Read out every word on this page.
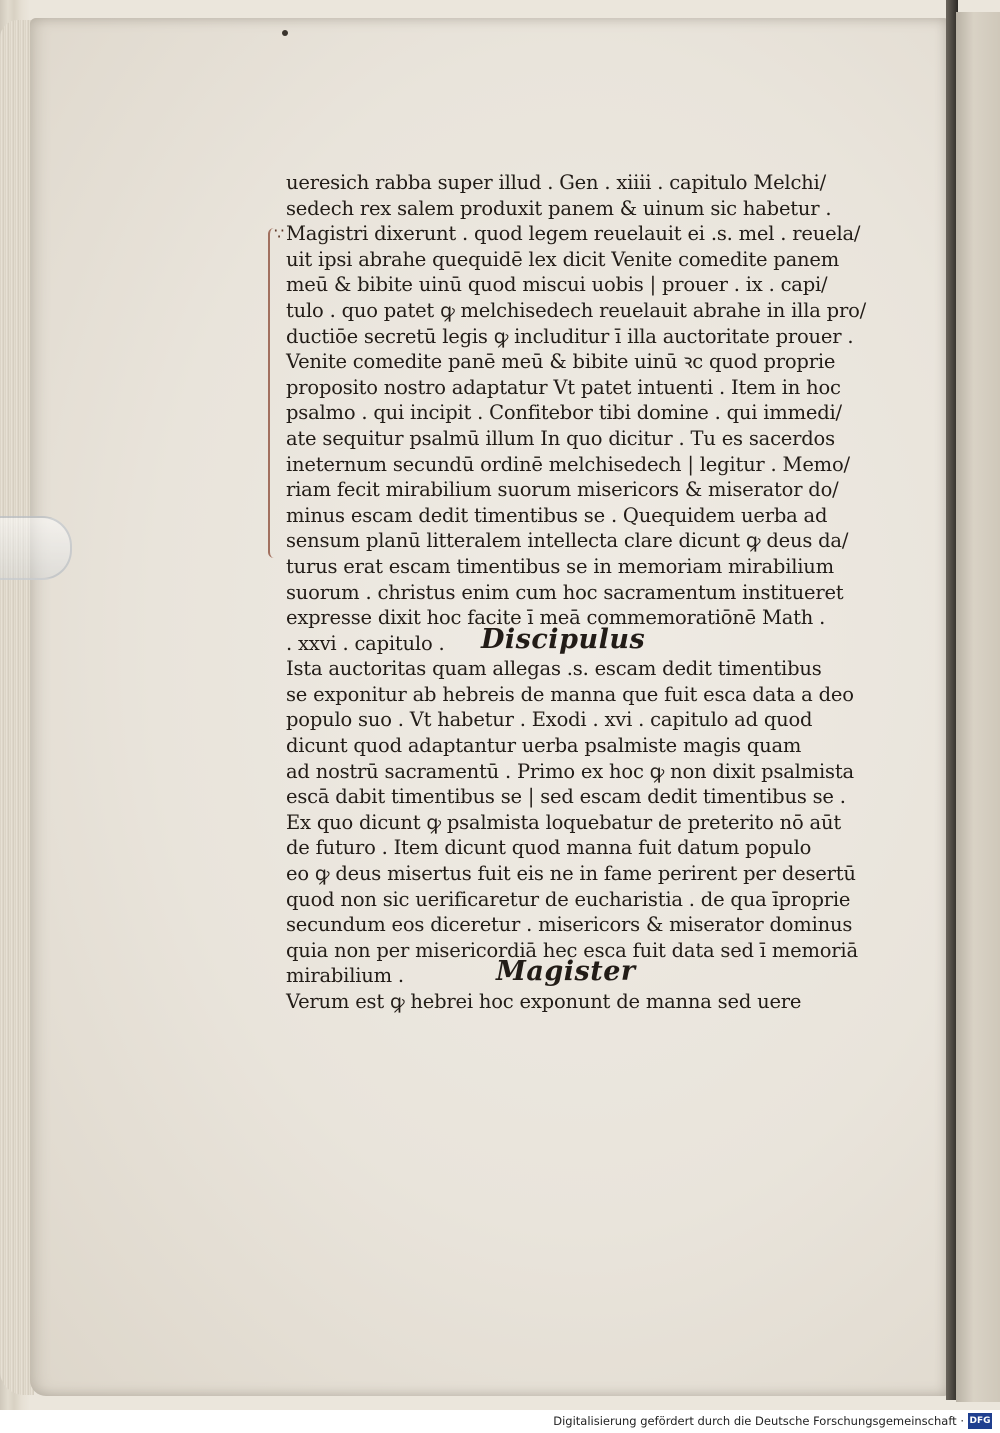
∵
ueresich rabba super illud . Gen . xiiii . capitulo Melchi/
sedech rex salem produxit panem & uinum sic habetur .
Magistri dixerunt . quod legem reuelauit ei .s. mel . reuela/
uit ipsi abrahe quequidē lex dicit Venite comedite panem
meū & bibite uinū quod miscui uobis | prouer . ix . capi/
tulo . quo patet ꝙ melchisedech reuelauit abrahe in illa pro/
ductiōe secretū legis ꝙ includitur ī illa auctoritate prouer .
Venite comedite panē meū & bibite uinū ꝛc quod proprie
proposito nostro adaptatur Vt patet intuenti . Item in hoc
psalmo . qui incipit . Confitebor tibi domine . qui immedi/
ate sequitur psalmū illum In quo dicitur . Tu es sacerdos
ineternum secundū ordinē melchisedech | legitur . Memo/
riam fecit mirabilium suorum misericors & miserator do/
minus escam dedit timentibus se . Quequidem uerba ad
sensum planū litteralem intellecta clare dicunt ꝙ deus da/
turus erat escam timentibus se in memoriam mirabilium
suorum . christus enim cum hoc sacramentum institueret
expresse dixit hoc facite ī meā commemoratiōnē Math .
. xxvi . capitulo . Discipulus
Ista auctoritas quam allegas .s. escam dedit timentibus
se exponitur ab hebreis de manna que fuit esca data a deo
populo suo . Vt habetur . Exodi . xvi . capitulo ad quod
dicunt quod adaptantur uerba psalmiste magis quam
ad nostrū sacramentū . Primo ex hoc ꝙ non dixit psalmista
escā dabit timentibus se | sed escam dedit timentibus se .
Ex quo dicunt ꝙ psalmista loquebatur de preterito nō aūt
de futuro . Item dicunt quod manna fuit datum populo
eo ꝙ deus misertus fuit eis ne in fame perirent per desertū
quod non sic uerificaretur de eucharistia . de qua īproprie
secundum eos diceretur . misericors & miserator dominus
quia non per misericordiā hec esca fuit data sed ī memoriā
mirabilium .	Magister
Verum est ꝙ hebrei hoc exponunt de manna sed uere
Digitalisierung gefördert durch die Deutsche Forschungsgemeinschaft · DFG
